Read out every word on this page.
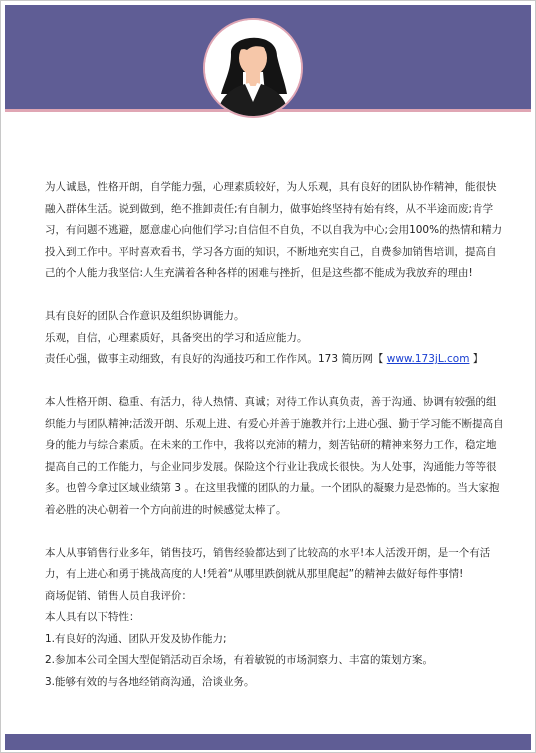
为人诚恳，性格开朗，自学能力强，心理素质较好，为人乐观，具有良好的团队协作精神，能很快融入群体生活。说到做到，绝不推卸责任;有自制力，做事始终坚持有始有终，从不半途而废;肯学习，有问题不逃避，愿意虚心向他们学习;自信但不自负，不以自我为中心;会用100%的热情和精力投入到工作中。平时喜欢看书，学习各方面的知识，不断地充实自己，自费参加销售培训，提高自己的个人能力我坚信:人生充满着各种各样的困难与挫折，但是这些都不能成为我放弃的理由!

具有良好的团队合作意识及组织协调能力。

乐观，自信，心理素质好，具备突出的学习和适应能力。

责任心强，做事主动细致，有良好的沟通技巧和工作作风。173 简历网【 www.173jL.com 】

本人性格开朗、稳重、有活力，待人热情、真诚；对待工作认真负责，善于沟通、协调有较强的组织能力与团队精神;活泼开朗、乐观上进、有爱心并善于施教并行;上进心强、勤于学习能不断提高自身的能力与综合素质。在未来的工作中，我将以充沛的精力，刻苦钻研的精神来努力工作，稳定地提高自己的工作能力，与企业同步发展。保险这个行业让我成长很快。为人处事，沟通能力等等很多。也曾今拿过区域业绩第 3 。在这里我懂的团队的力量。一个团队的凝聚力是恐怖的。当大家抱着必胜的决心朝着一个方向前进的时候感觉太棒了。

本人从事销售行业多年，销售技巧，销售经验都达到了比较高的水平!本人活泼开朗，是一个有活力，有上进心和勇于挑战高度的人!凭着“从哪里跌倒就从那里爬起”的精神去做好每件事情!

商场促销、销售人员自我评价：

本人具有以下特性：

1.有良好的沟通、团队开发及协作能力;

2.参加本公司全国大型促销活动百余场，有着敏锐的市场洞察力、丰富的策划方案。

3.能够有效的与各地经销商沟通，洽谈业务。
